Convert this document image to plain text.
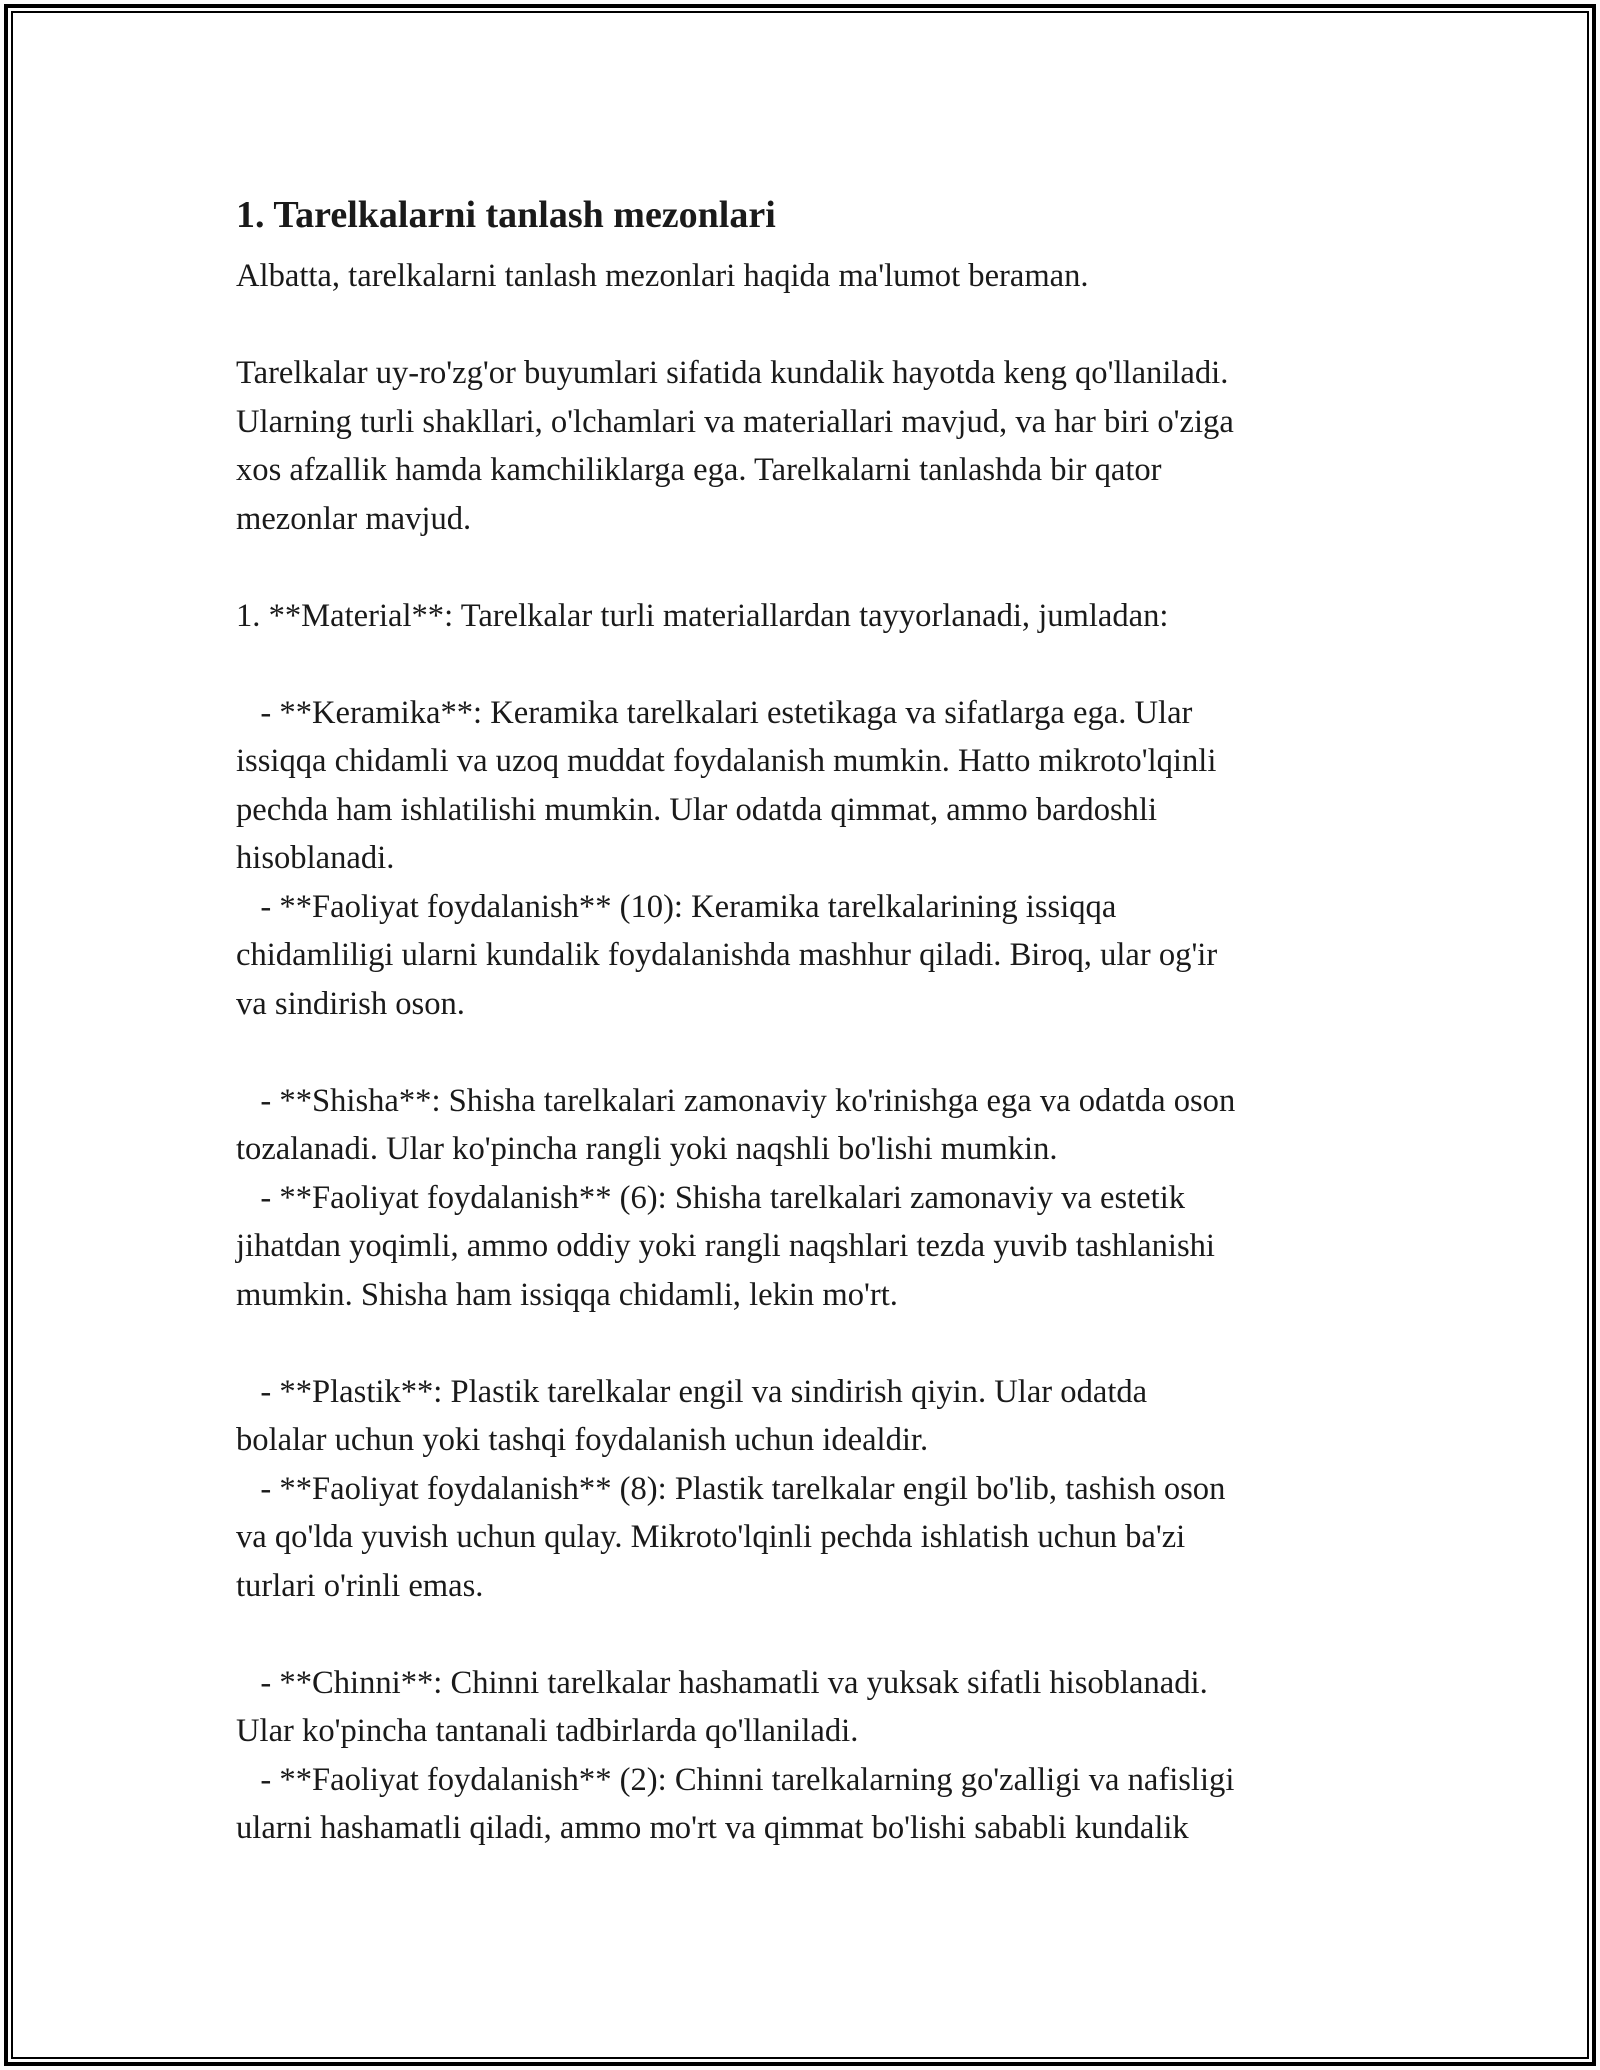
1. Tarelkalarni tanlash mezonlari
Albatta, tarelkalarni tanlash mezonlari haqida ma'lumot beraman.
Tarelkalar uy-ro'zg'or buyumlari sifatida kundalik hayotda keng qo'llaniladi.
Ularning turli shakllari, o'lchamlari va materiallari mavjud, va har biri o'ziga
xos afzallik hamda kamchiliklarga ega. Tarelkalarni tanlashda bir qator
mezonlar mavjud.
1. **Material**: Tarelkalar turli materiallardan tayyorlanadi, jumladan:
- **Keramika**: Keramika tarelkalari estetikaga va sifatlarga ega. Ular
issiqqa chidamli va uzoq muddat foydalanish mumkin. Hatto mikroto'lqinli
pechda ham ishlatilishi mumkin. Ular odatda qimmat, ammo bardoshli
hisoblanadi.
- **Faoliyat foydalanish** (10): Keramika tarelkalarining issiqqa
chidamliligi ularni kundalik foydalanishda mashhur qiladi. Biroq, ular og'ir
va sindirish oson.
- **Shisha**: Shisha tarelkalari zamonaviy ko'rinishga ega va odatda oson
tozalanadi. Ular ko'pincha rangli yoki naqshli bo'lishi mumkin.
- **Faoliyat foydalanish** (6): Shisha tarelkalari zamonaviy va estetik
jihatdan yoqimli, ammo oddiy yoki rangli naqshlari tezda yuvib tashlanishi
mumkin. Shisha ham issiqqa chidamli, lekin mo'rt.
- **Plastik**: Plastik tarelkalar engil va sindirish qiyin. Ular odatda
bolalar uchun yoki tashqi foydalanish uchun idealdir.
- **Faoliyat foydalanish** (8): Plastik tarelkalar engil bo'lib, tashish oson
va qo'lda yuvish uchun qulay. Mikroto'lqinli pechda ishlatish uchun ba'zi
turlari o'rinli emas.
- **Chinni**: Chinni tarelkalar hashamatli va yuksak sifatli hisoblanadi.
Ular ko'pincha tantanali tadbirlarda qo'llaniladi.
- **Faoliyat foydalanish** (2): Chinni tarelkalarning go'zalligi va nafisligi
ularni hashamatli qiladi, ammo mo'rt va qimmat bo'lishi sababli kundalik
